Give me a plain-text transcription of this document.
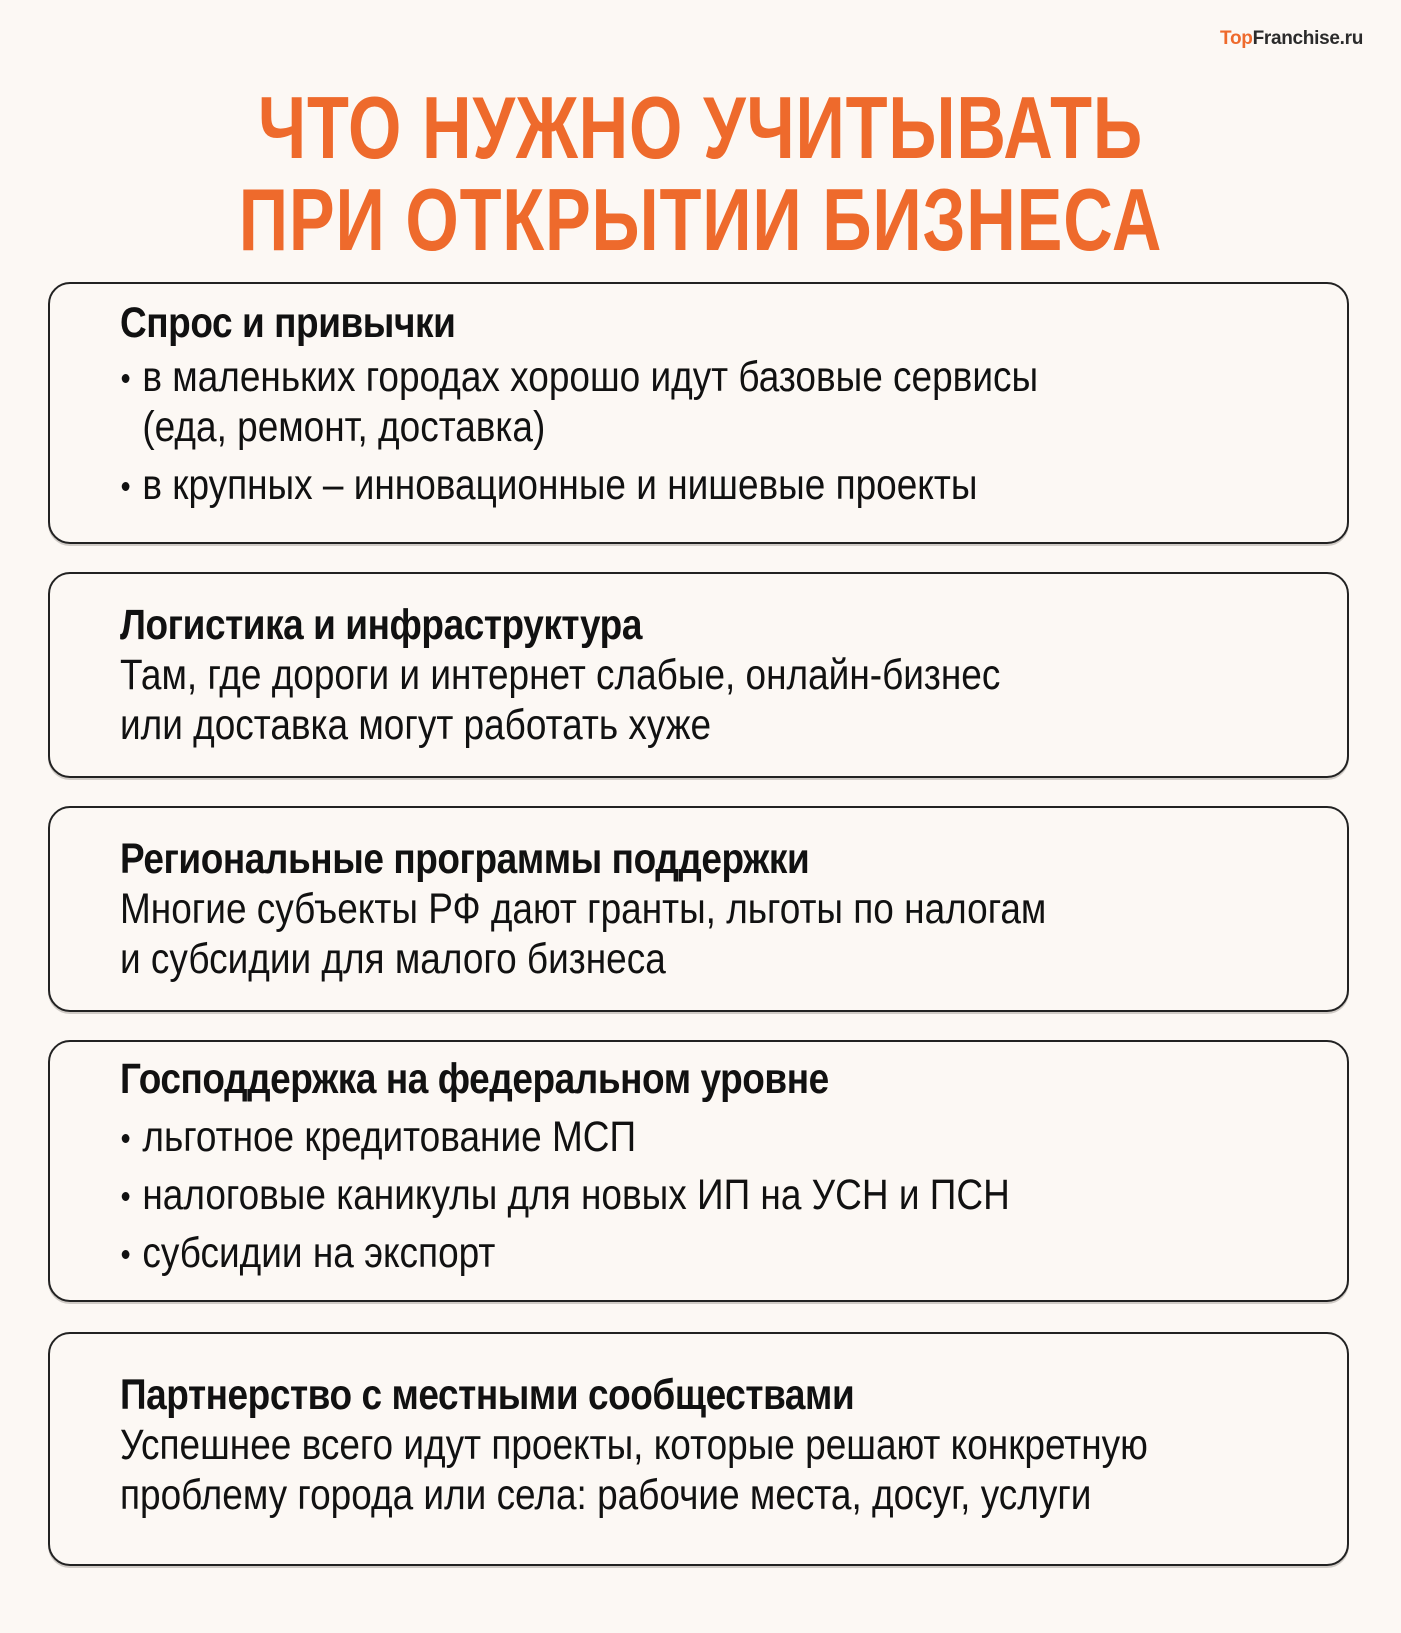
TopFranchise.ru
ЧТО НУЖНО УЧИТЫВАТЬ
ПРИ ОТКРЫТИИ БИЗНЕСА
Спрос и привычки
в маленьких городах хорошо идут базовые сервисы
(еда, ремонт, доставка)
в крупных – инновационные и нишевые проекты
Логистика и инфраструктура

Там, где дороги и интернет слабые, онлайн-бизнес

или доставка могут работать хуже

Региональные программы поддержки

Многие субъекты РФ дают гранты, льготы по налогам

и субсидии для малого бизнеса

Господдержка на федеральном уровне
льготное кредитование МСП
налоговые каникулы для новых ИП на УСН и ПСН
субсидии на экспорт
Партнерство с местными сообществами

Успешнее всего идут проекты, которые решают конкретную

проблему города или села: рабочие места, досуг, услуги
